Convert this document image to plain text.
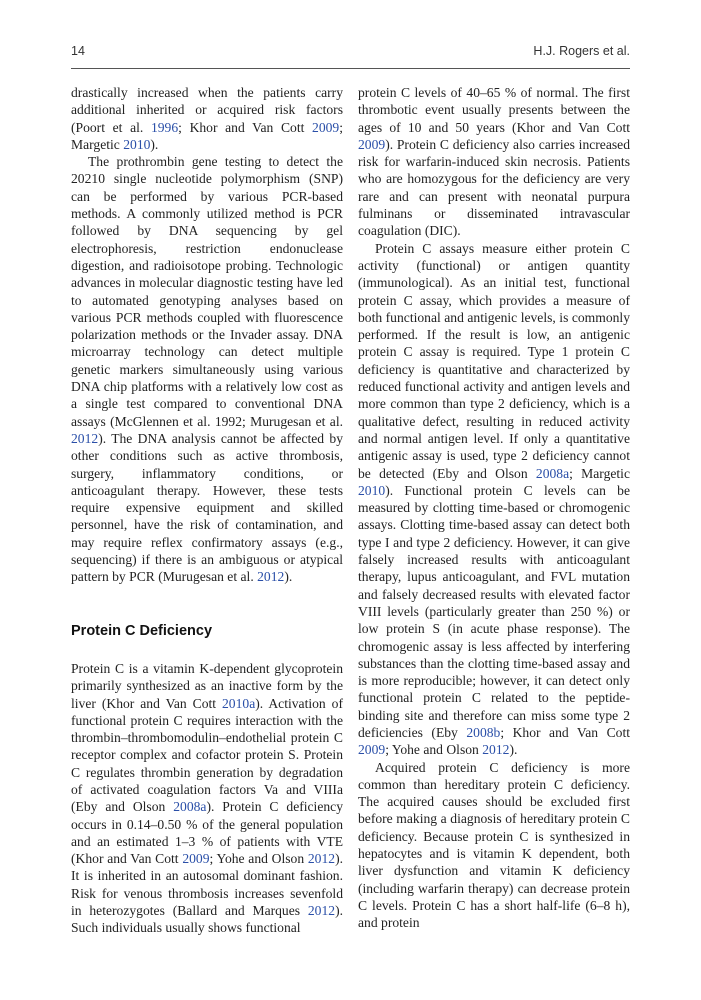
14	H.J. Rogers et al.

drastically increased when the patients carry additional inherited or acquired risk factors (Poort et al. 1996; Khor and Van Cott 2009; Margetic 2010).

The prothrombin gene testing to detect the 20210 single nucleotide polymorphism (SNP) can be performed by various PCR-based methods. A commonly utilized method is PCR followed by DNA sequencing by gel electrophoresis, restriction endonuclease digestion, and radioisotope probing. Technologic advances in molecular diagnostic testing have led to automated genotyping analyses based on various PCR methods coupled with fluorescence polarization methods or the Invader assay. DNA microarray technology can detect multiple genetic markers simultaneously using various DNA chip platforms with a relatively low cost as a single test compared to conventional DNA assays (McGlennen et al. 1992; Murugesan et al. 2012). The DNA analysis cannot be affected by other conditions such as active thrombosis, surgery, inflammatory conditions, or anticoagulant therapy. However, these tests require expensive equipment and skilled personnel, have the risk of contamination, and may require reflex confirmatory assays (e.g., sequencing) if there is an ambiguous or atypical pattern by PCR (Murugesan et al. 2012).

Protein C Deficiency

Protein C is a vitamin K-dependent glycoprotein primarily synthesized as an inactive form by the liver (Khor and Van Cott 2010a). Activation of functional protein C requires interaction with the thrombin–thrombomodulin–endothelial protein C receptor complex and cofactor protein S. Protein C regulates thrombin generation by degradation of activated coagulation factors Va and VIIIa (Eby and Olson 2008a). Protein C deficiency occurs in 0.14–0.50 % of the general population and an estimated 1–3 % of patients with VTE (Khor and Van Cott 2009; Yohe and Olson 2012). It is inherited in an autosomal dominant fashion. Risk for venous thrombosis increases sevenfold in heterozygotes (Ballard and Marques 2012). Such individuals usually shows functional

protein C levels of 40–65 % of normal. The first thrombotic event usually presents between the ages of 10 and 50 years (Khor and Van Cott 2009). Protein C deficiency also carries increased risk for warfarin-induced skin necrosis. Patients who are homozygous for the deficiency are very rare and can present with neonatal purpura fulminans or disseminated intravascular coagulation (DIC).

Protein C assays measure either protein C activity (functional) or antigen quantity (immunological). As an initial test, functional protein C assay, which provides a measure of both functional and antigenic levels, is commonly performed. If the result is low, an antigenic protein C assay is required. Type 1 protein C deficiency is quantitative and characterized by reduced functional activity and antigen levels and more common than type 2 deficiency, which is a qualitative defect, resulting in reduced activity and normal antigen level. If only a quantitative antigenic assay is used, type 2 deficiency cannot be detected (Eby and Olson 2008a; Margetic 2010). Functional protein C levels can be measured by clotting time-based or chromogenic assays. Clotting time-based assay can detect both type I and type 2 deficiency. However, it can give falsely increased results with anticoagulant therapy, lupus anticoagulant, and FVL mutation and falsely decreased results with elevated factor VIII levels (particularly greater than 250 %) or low protein S (in acute phase response). The chromogenic assay is less affected by interfering substances than the clotting time-based assay and is more reproducible; however, it can detect only functional protein C related to the peptide-binding site and therefore can miss some type 2 deficiencies (Eby 2008b; Khor and Van Cott 2009; Yohe and Olson 2012).

Acquired protein C deficiency is more common than hereditary protein C deficiency. The acquired causes should be excluded first before making a diagnosis of hereditary protein C deficiency. Because protein C is synthesized in hepatocytes and is vitamin K dependent, both liver dysfunction and vitamin K deficiency (including warfarin therapy) can decrease protein C levels. Protein C has a short half-life (6–8 h), and protein
